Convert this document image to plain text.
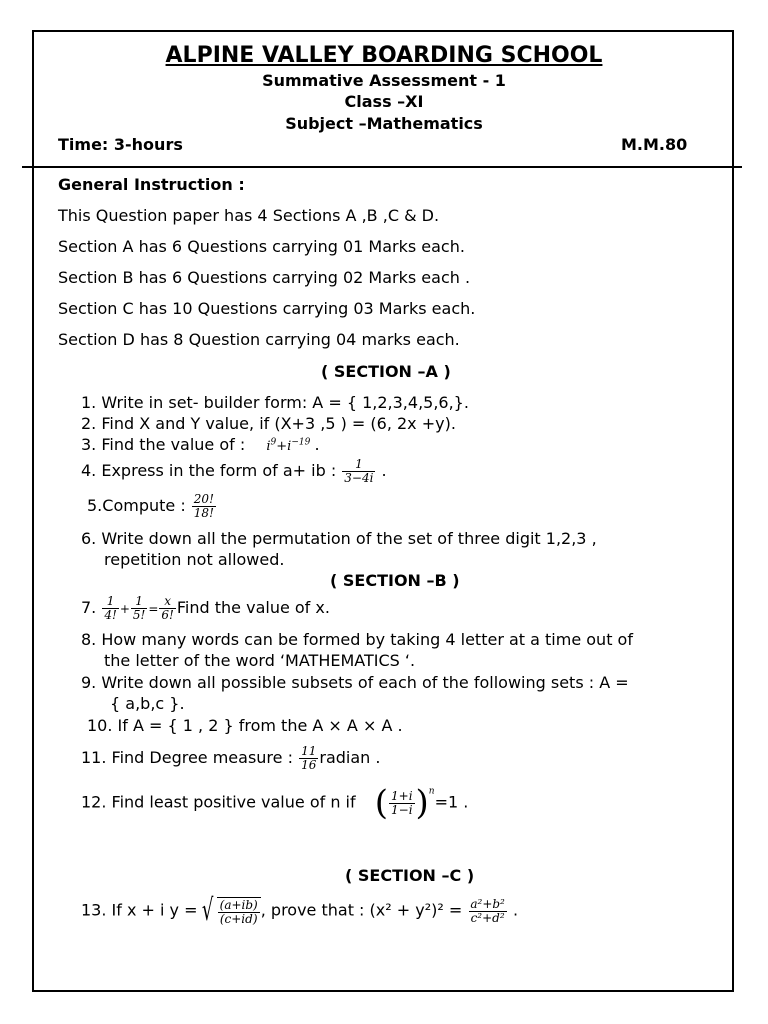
ALPINE VALLEY BOARDING SCHOOL
Summative Assessment - 1
Class –XI
Subject –Mathematics
Time: 3-hours	M.M.80
General Instruction :
This Question paper has 4 Sections A ,B ,C & D.
Section A has 6 Questions carrying 01 Marks each.
Section B has 6 Questions carrying 02 Marks each .
Section C has 10 Questions carrying 03 Marks each.
Section D has 8 Question carrying 04 marks each.
( SECTION –A )
1. Write in set- builder form: A = { 1,2,3,4,5,6,}.
2. Find X and Y value, if (X+3 ,5 ) = (6, 2x +y).
3. Find the value of : $i^9+i^{-19}$ .
4. Express in the form of a+ ib : $\frac{1}{3-4i}$ .
5.Compute : $\frac{20!}{18!}$
6. Write down all the permutation of the set of three digit 1,2,3 ,
repetition not allowed.
( SECTION –B )
7. $\frac{1}{4!} + \frac{1}{5!} = \frac{x}{6!}$ Find the value of x.
8. How many words can be formed by taking 4 letter at a time out of
the letter of the word ‘MATHEMATICS ‘.
9. Write down all possible subsets of each of the following sets : A =
{ a,b,c }.
10. If A = { 1 , 2 } from the A × A × A .
11. Find Degree measure : $\frac{11}{16}$ radian .
12. Find least positive value of n if ( $\frac{1+i}{1-i} )^n=1$ .
( SECTION –C )
13. If x + i y = √ $\frac{(a+ib)}{(c+id)}$ , prove that : $(x^2 + y^2)^2 = \frac{\text{a²+b²}}{\text{c²+d²}}$ .
